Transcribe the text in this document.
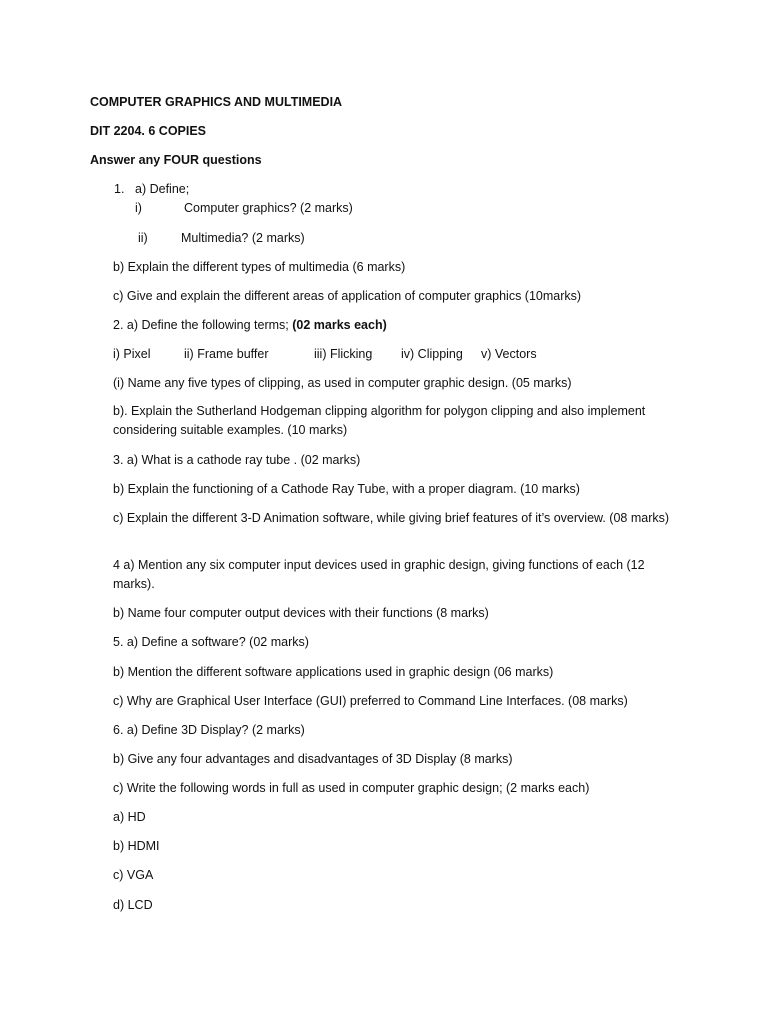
COMPUTER GRAPHICS AND MULTIMEDIA
DIT 2204. 6 COPIES
Answer any FOUR questions
1. a) Define;
i)	Computer graphics? (2 marks)
ii)	Multimedia? (2 marks)
b) Explain the different types of multimedia (6 marks)
c) Give and explain the different areas of application of computer graphics (10marks)
2. a) Define the following terms; (02 marks each)
i) Pixel	ii) Frame buffer	iii) Flicking iv) Clipping v) Vectors
(i) Name any five types of clipping, as used in computer graphic design. (05 marks)
b). Explain the Sutherland Hodgeman clipping algorithm for polygon clipping and also implement considering suitable examples. (10 marks)
3. a) What is a cathode ray tube . (02 marks)
b) Explain the functioning of a Cathode Ray Tube, with a proper diagram. (10 marks)
c) Explain the different 3-D Animation software, while giving brief features of it’s overview. (08 marks)
4 a) Mention any six computer input devices used in graphic design, giving functions of each (12 marks).
b) Name four computer output devices with their functions (8 marks)
5. a) Define a software? (02 marks)
b) Mention the different software applications used in graphic design (06 marks)
c) Why are Graphical User Interface (GUI) preferred to Command Line Interfaces. (08 marks)
6. a) Define 3D Display? (2 marks)
b) Give any four advantages and disadvantages of 3D Display (8 marks)
c) Write the following words in full as used in computer graphic design; (2 marks each)
a) HD
b) HDMI
c) VGA
d) LCD
